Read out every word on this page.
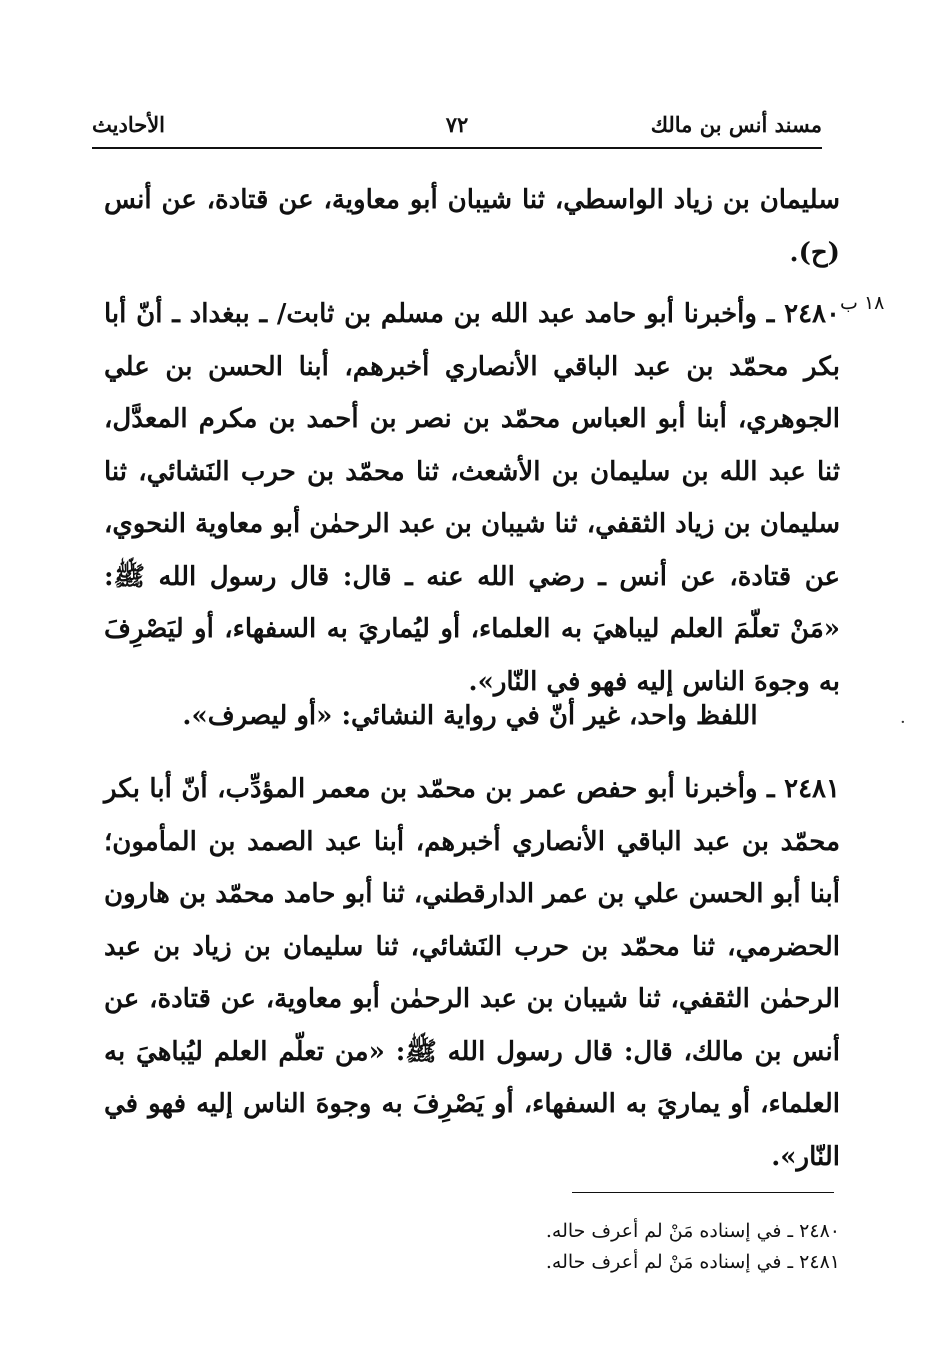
مسند أنس بن مالك
٧٢
الأحاديث
سليمان بن زياد الواسطي، ثنا شيبان أبو معاوية، عن قتادة، عن أنس (ح).
١٨ ب
٢٤٨٠ ـ وأخبرنا أبو حامد عبد الله بن مسلم بن ثابت/ ـ ببغداد ـ أنّ أبا بكر محمّد بن عبد الباقي الأنصاري أخبرهم، أبنا الحسن بن علي الجوهري، أبنا أبو العباس محمّد بن نصر بن أحمد بن مكرم المعدَّل، ثنا عبد الله بن سليمان بن الأشعث، ثنا محمّد بن حرب النَشائي، ثنا سليمان بن زياد الثقفي، ثنا شيبان بن عبد الرحمٰن أبو معاوية النحوي، عن قتادة، عن أنس ـ رضي الله عنه ـ قال: قال رسول الله ﷺ: «مَنْ تعلّمَ العلم ليباهيَ به العلماء، أو ليُماريَ به السفهاء، أو ليَصْرِفَ به وجوهَ الناس إليه فهو في النّار».
اللفظ واحد، غير أنّ في رواية النشائي: «أو ليصرف».	·
٢٤٨١ ـ وأخبرنا أبو حفص عمر بن محمّد بن معمر المؤدِّب، أنّ أبا بكر محمّد بن عبد الباقي الأنصاري أخبرهم، أبنا عبد الصمد بن المأمون؛ أبنا أبو الحسن علي بن عمر الدارقطني، ثنا أبو حامد محمّد بن هارون الحضرمي، ثنا محمّد بن حرب النَشائي، ثنا سليمان بن زياد بن عبد الرحمٰن الثقفي، ثنا شيبان بن عبد الرحمٰن أبو معاوية، عن قتادة، عن أنس بن مالك، قال: قال رسول الله ﷺ: «من تعلّم العلم ليُباهيَ به العلماء، أو يماريَ به السفهاء، أو يَصْرِفَ به وجوهَ الناس إليه فهو في النّار».
٢٤٨٠ ـ في إسناده مَنْ لم أعرف حاله.
٢٤٨١ ـ في إسناده مَنْ لم أعرف حاله.
